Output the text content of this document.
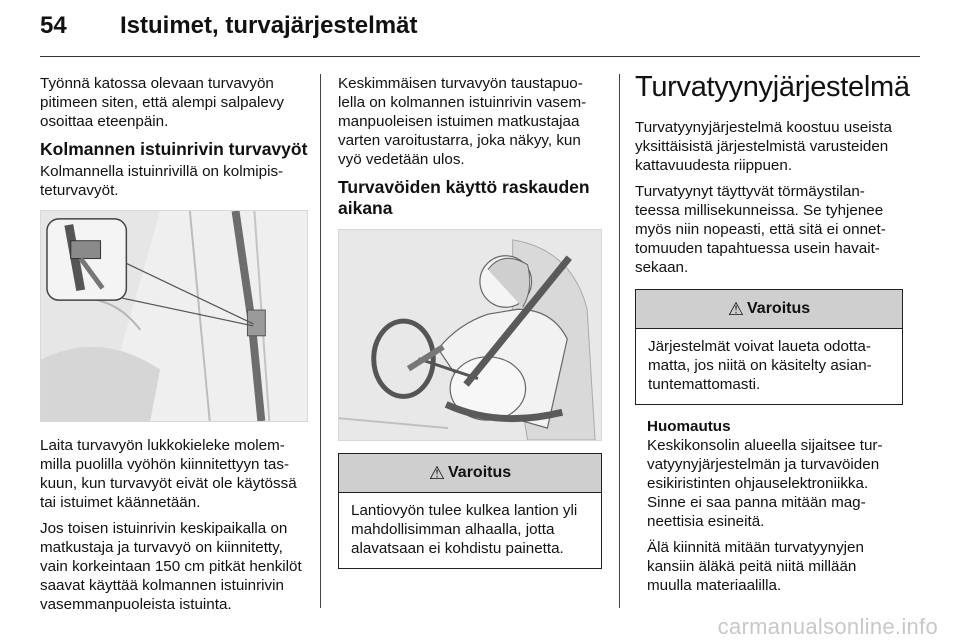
54 Istuimet, turvajärjestelmät

Työnnä katossa olevaan turvavyön pitimeen siten, että alempi salpalevy osoittaa eteenpäin.

Kolmannen istuinrivin turvavyöt

Kolmannella istuinrivillä on kolmipisteturvavyöt.

Laita turvavyön lukkokieleke molemmilla puolilla vyöhön kiinnitettyyn taskuun, kun turvavyöt eivät ole käytössä tai istuimet käännetään.

Jos toisen istuinrivin keskipaikalla on matkustaja ja turvavyö on kiinnitetty, vain korkeintaan 150 cm pitkät henkilöt saavat käyttää kolmannen istuinrivin vasemmanpuoleista istuinta.

Keskimmäisen turvavyön taustapuolella on kolmannen istuinrivin vasemmanpuoleisen istuimen matkustajaa varten varoitustarra, joka näkyy, kun vyö vedetään ulos.

Turvavöiden käyttö raskauden aikana
⚠ Varoitus
Lantiovyön tulee kulkea lantion yli mahdollisimman alhaalla, jotta alavatsaan ei kohdistu painetta.
Turvatyynyjärjestelmä

Turvatyynyjärjestelmä koostuu useista yksittäisistä järjestelmistä varusteiden kattavuudesta riippuen.

Turvatyynyt täyttyvät törmäystilanteessa millisekunneissa. Se tyhjenee myös niin nopeasti, että sitä ei onnettomuuden tapahtuessa usein havaitsekaan.

⚠ Varoitus
Järjestelmät voivat laueta odottamatta, jos niitä on käsitelty asiantuntemattomasti.

Huomautus

Keskikonsolin alueella sijaitsee turvatyynyjärjestelmän ja turvavöiden esikiristinten ohjauselektroniikka. Sinne ei saa panna mitään magneettisia esineitä.

Älä kiinnitä mitään turvatyynyjen kansiin äläkä peitä niitä millään muulla materiaalilla.

carmanualsonline.info
